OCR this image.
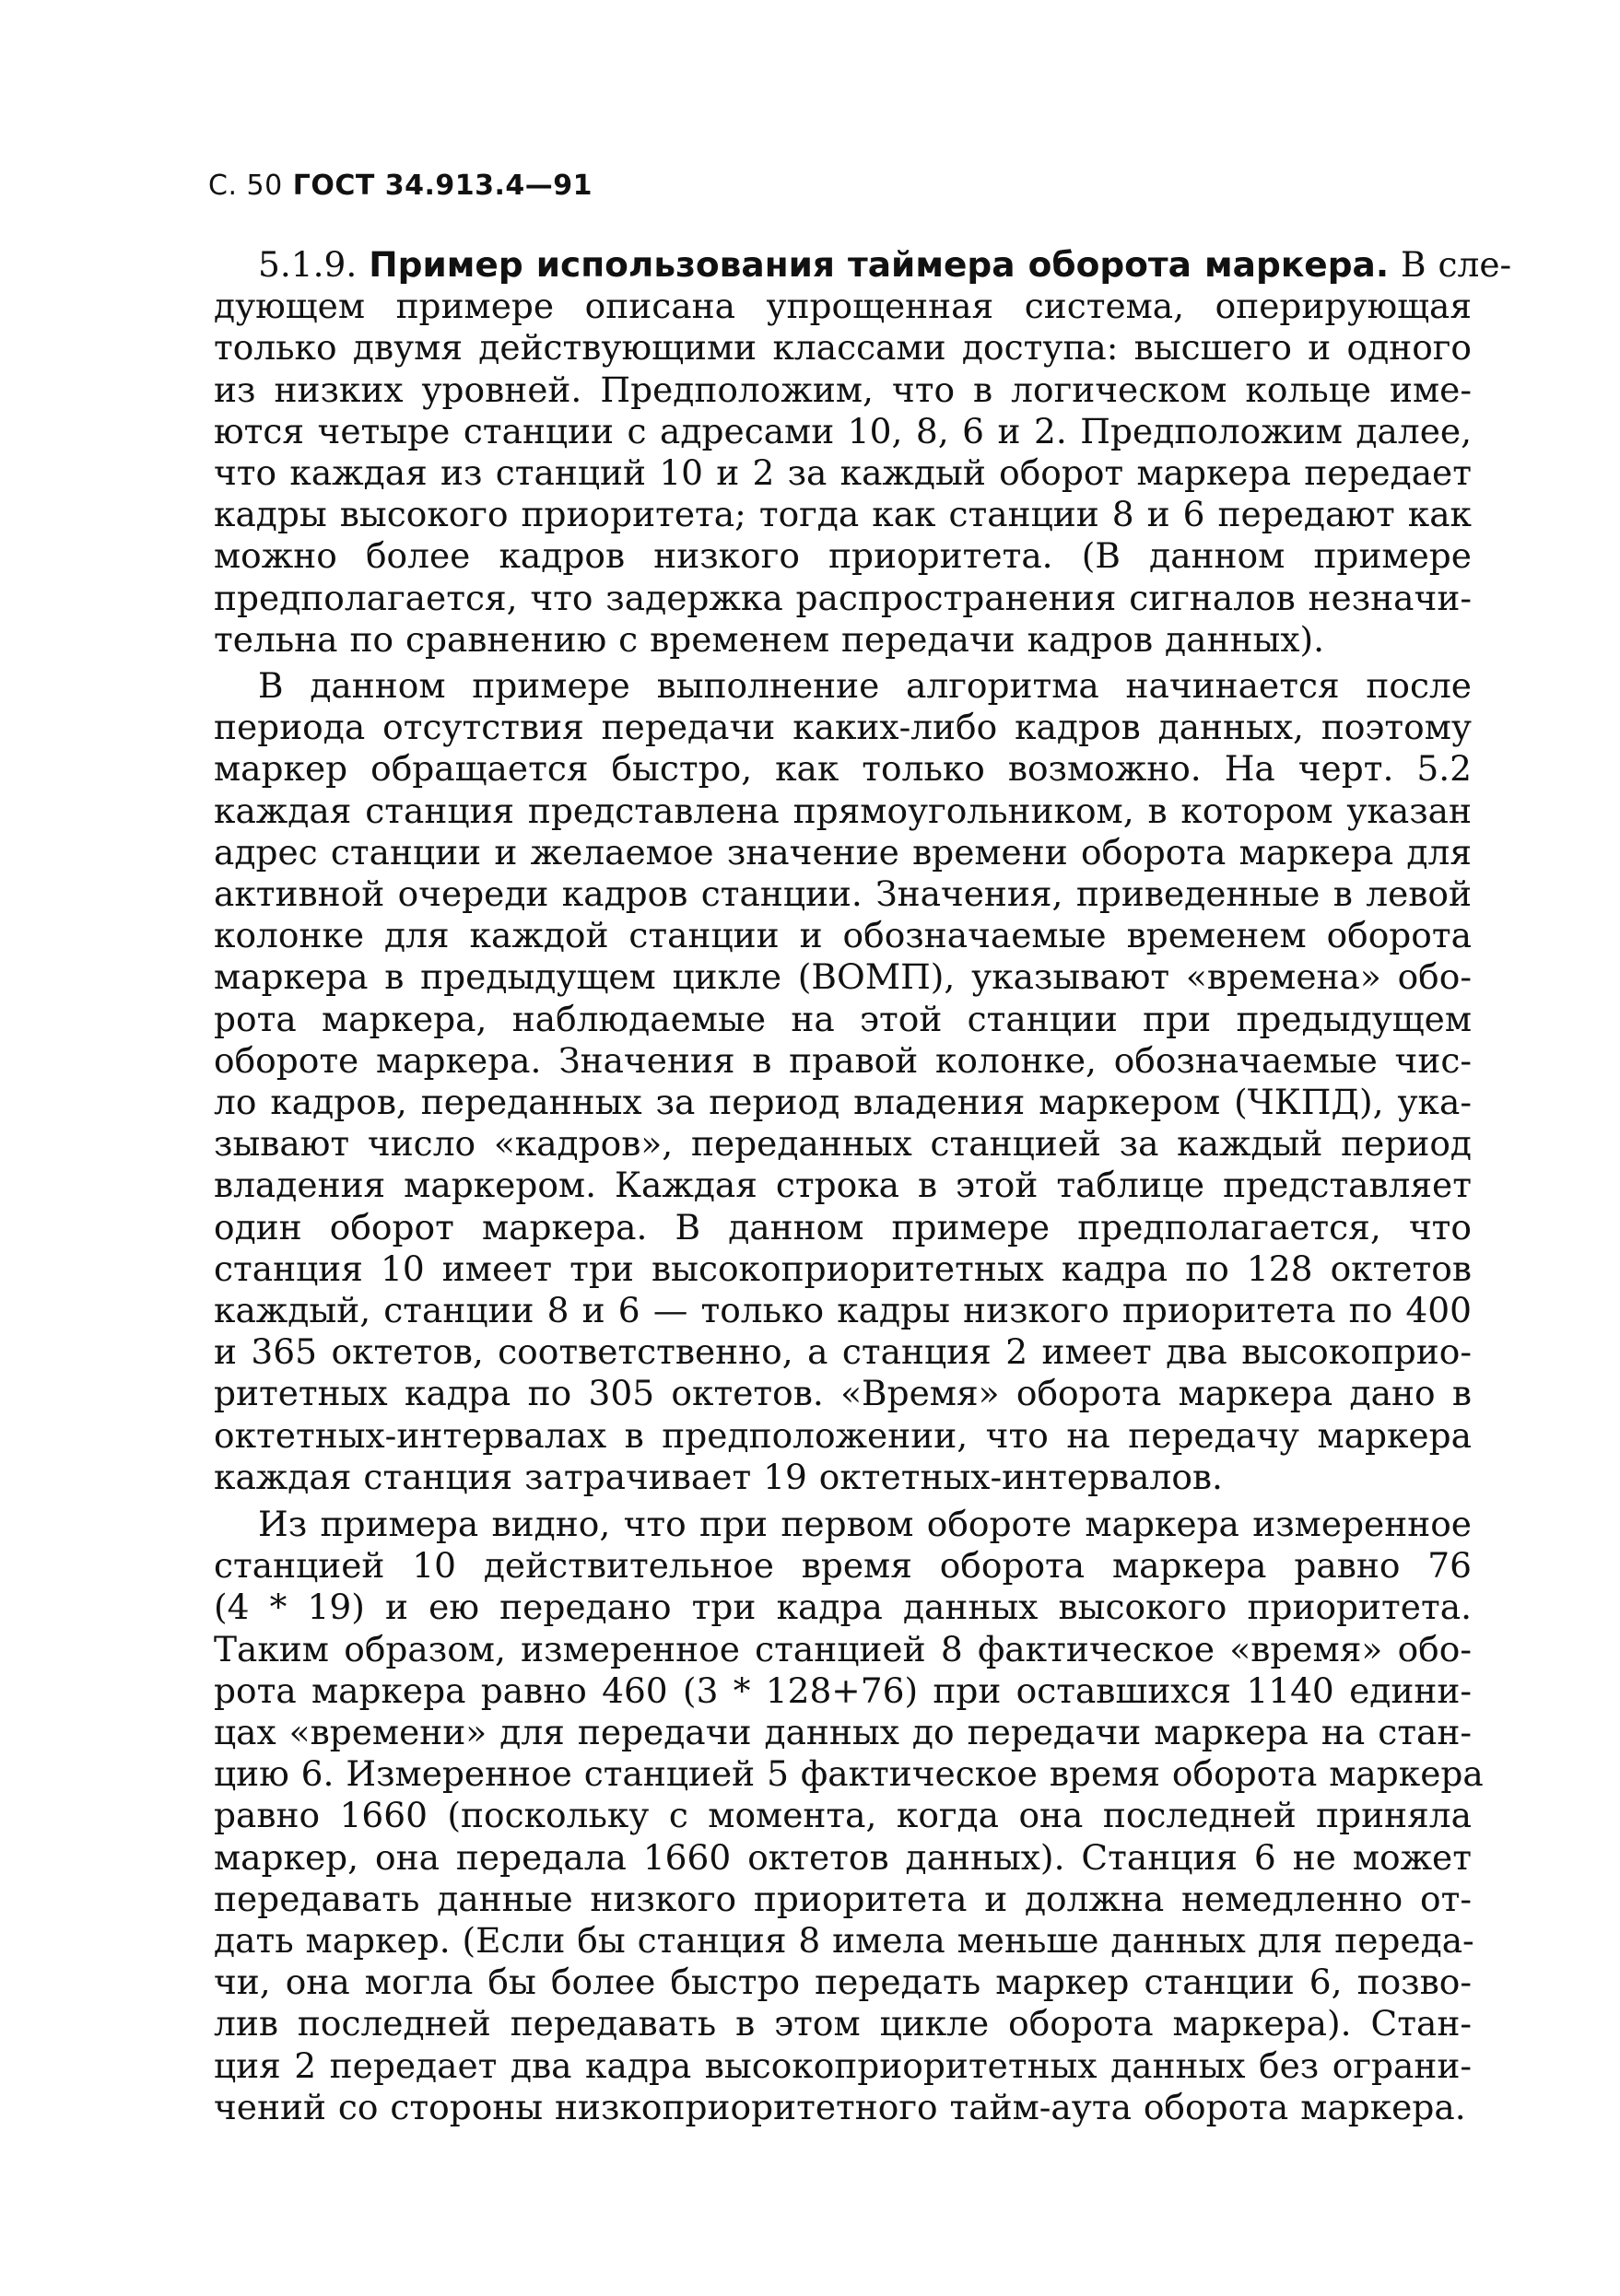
С. 50 ГОСТ 34.913.4—91
5.1.9. Пример использования таймера оборота маркера. В сле-
дующем примере описана упрощенная система, оперирующая
только двумя действующими классами доступа: высшего и одного
из низких уровней. Предположим, что в логическом кольце име-
ются четыре станции с адресами 10, 8, 6 и 2. Предположим далее,
что каждая из станций 10 и 2 за каждый оборот маркера передает
кадры высокого приоритета; тогда как станции 8 и 6 передают как
можно более кадров низкого приоритета. (В данном примере
предполагается, что задержка распространения сигналов незначи-
тельна по сравнению с временем передачи кадров данных).
В данном примере выполнение алгоритма начинается после
периода отсутствия передачи каких-либо кадров данных, поэтому
маркер обращается быстро, как только возможно. На черт. 5.2
каждая станция представлена прямоугольником, в котором указан
адрес станции и желаемое значение времени оборота маркера для
активной очереди кадров станции. Значения, приведенные в левой
колонке для каждой станции и обозначаемые временем оборота
маркера в предыдущем цикле (ВОМП), указывают «времена» обо-
рота маркера, наблюдаемые на этой станции при предыдущем
обороте маркера. Значения в правой колонке, обозначаемые чис-
ло кадров, переданных за период владения маркером (ЧКПД), ука-
зывают число «кадров», переданных станцией за каждый период
владения маркером. Каждая строка в этой таблице представляет
один оборот маркера. В данном примере предполагается, что
станция 10 имеет три высокоприоритетных кадра по 128 октетов
каждый, станции 8 и 6 — только кадры низкого приоритета по 400
и 365 октетов, соответственно, а станция 2 имеет два высокоприо-
ритетных кадра по 305 октетов. «Время» оборота маркера дано в
октетных-интервалах в предположении, что на передачу маркера
каждая станция затрачивает 19 октетных-интервалов.
Из примера видно, что при первом обороте маркера измеренное
станцией 10 действительное время оборота маркера равно 76
(4 * 19) и ею передано три кадра данных высокого приоритета.
Таким образом, измеренное станцией 8 фактическое «время» обо-
рота маркера равно 460 (3 * 128+76) при оставшихся 1140 едини-
цах «времени» для передачи данных до передачи маркера на стан-
цию 6. Измеренное станцией 5 фактическое время оборота маркера
равно 1660 (поскольку с момента, когда она последней приняла
маркер, она передала 1660 октетов данных). Станция 6 не может
передавать данные низкого приоритета и должна немедленно от-
дать маркер. (Если бы станция 8 имела меньше данных для переда-
чи, она могла бы более быстро передать маркер станции 6, позво-
лив последней передавать в этом цикле оборота маркера). Стан-
ция 2 передает два кадра высокоприоритетных данных без ограни-
чений со стороны низкоприоритетного тайм-аута оборота маркера.
